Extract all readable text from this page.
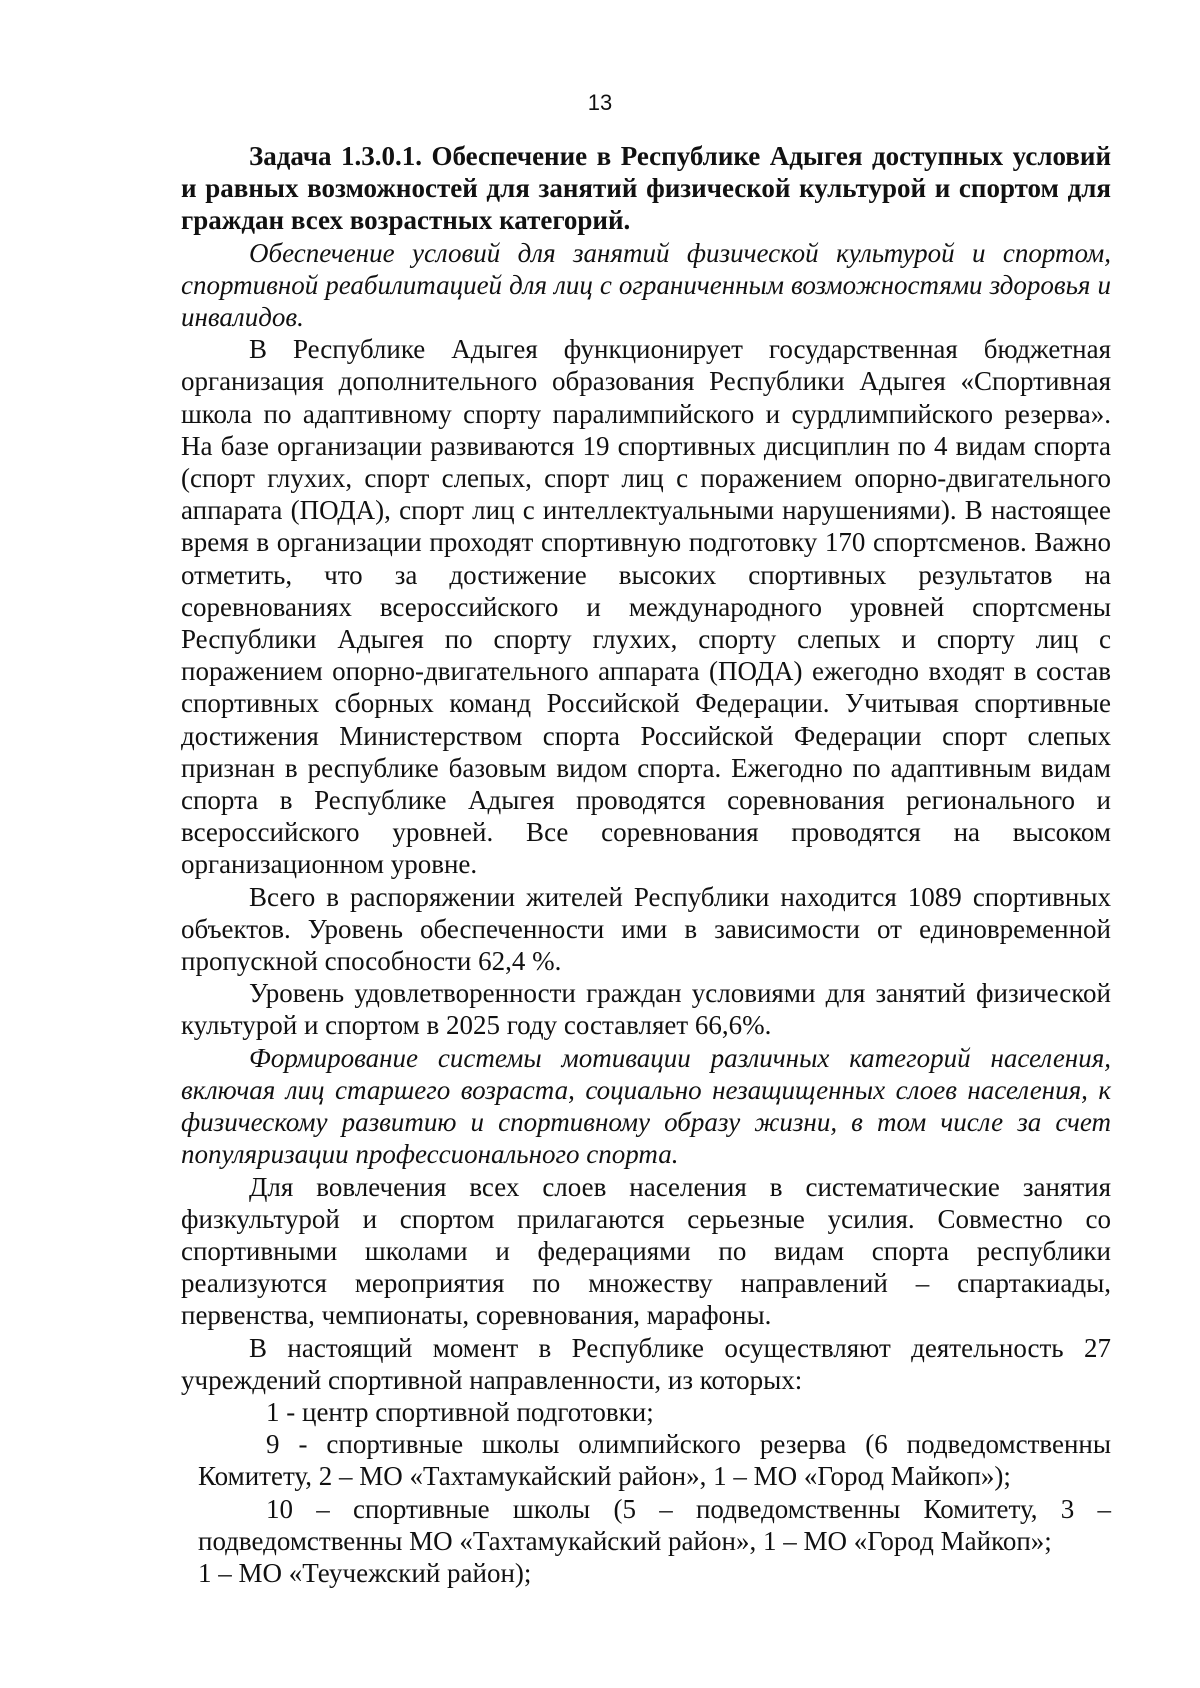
13

Задача 1.3.0.1. Обеспечение в Республике Адыгея доступных условий и равных возможностей для занятий физической культурой и спортом для граждан всех возрастных категорий.

Обеспечение условий для занятий физической культурой и спортом, спортивной реабилитацией для лиц с ограниченным возможностями здоровья и инвалидов.

В Республике Адыгея функционирует государственная бюджетная организация дополнительного образования Республики Адыгея «Спортивная школа по адаптивному спорту паралимпийского и сурдлимпийского резерва». На базе организации развиваются 19 спортивных дисциплин по 4 видам спорта (спорт глухих, спорт слепых, спорт лиц с поражением опорно-двигательного аппарата (ПОДА), спорт лиц с интеллектуальными нарушениями). В настоящее время в организации проходят спортивную подготовку 170 спортсменов. Важно отметить, что за достижение высоких спортивных результатов на соревнованиях всероссийского и международного уровней спортсмены Республики Адыгея по спорту глухих, спорту слепых и спорту лиц с поражением опорно-двигательного аппарата (ПОДА) ежегодно входят в состав спортивных сборных команд Российской Федерации. Учитывая спортивные достижения Министерством спорта Российской Федерации спорт слепых признан в республике базовым видом спорта. Ежегодно по адаптивным видам спорта в Республике Адыгея проводятся соревнования регионального и всероссийского уровней. Все соревнования проводятся на высоком организационном уровне.

Всего в распоряжении жителей Республики находится 1089 спортивных объектов. Уровень обеспеченности ими в зависимости от единовременной пропускной способности 62,4 %.

Уровень удовлетворенности граждан условиями для занятий физической культурой и спортом в 2025 году составляет 66,6%.

Формирование системы мотивации различных категорий населения, включая лиц старшего возраста, социально незащищенных слоев населения, к физическому развитию и спортивному образу жизни, в том числе за счет популяризации профессионального спорта.

Для вовлечения всех слоев населения в систематические занятия физкультурой и спортом прилагаются серьезные усилия. Совместно со спортивными школами и федерациями по видам спорта республики реализуются мероприятия по множеству направлений – спартакиады, первенства, чемпионаты, соревнования, марафоны.

В настоящий момент в Республике осуществляют деятельность 27 учреждений спортивной направленности, из которых:

1 - центр спортивной подготовки;

9 - спортивные школы олимпийского резерва (6 подведомственны Комитету, 2 – МО «Тахтамукайский район», 1 – МО «Город Майкоп»);

10 – спортивные школы (5 – подведомственны Комитету, 3 – подведомственны МО «Тахтамукайский район», 1 – МО «Город Майкоп»;

1 – МО «Теучежский район);
